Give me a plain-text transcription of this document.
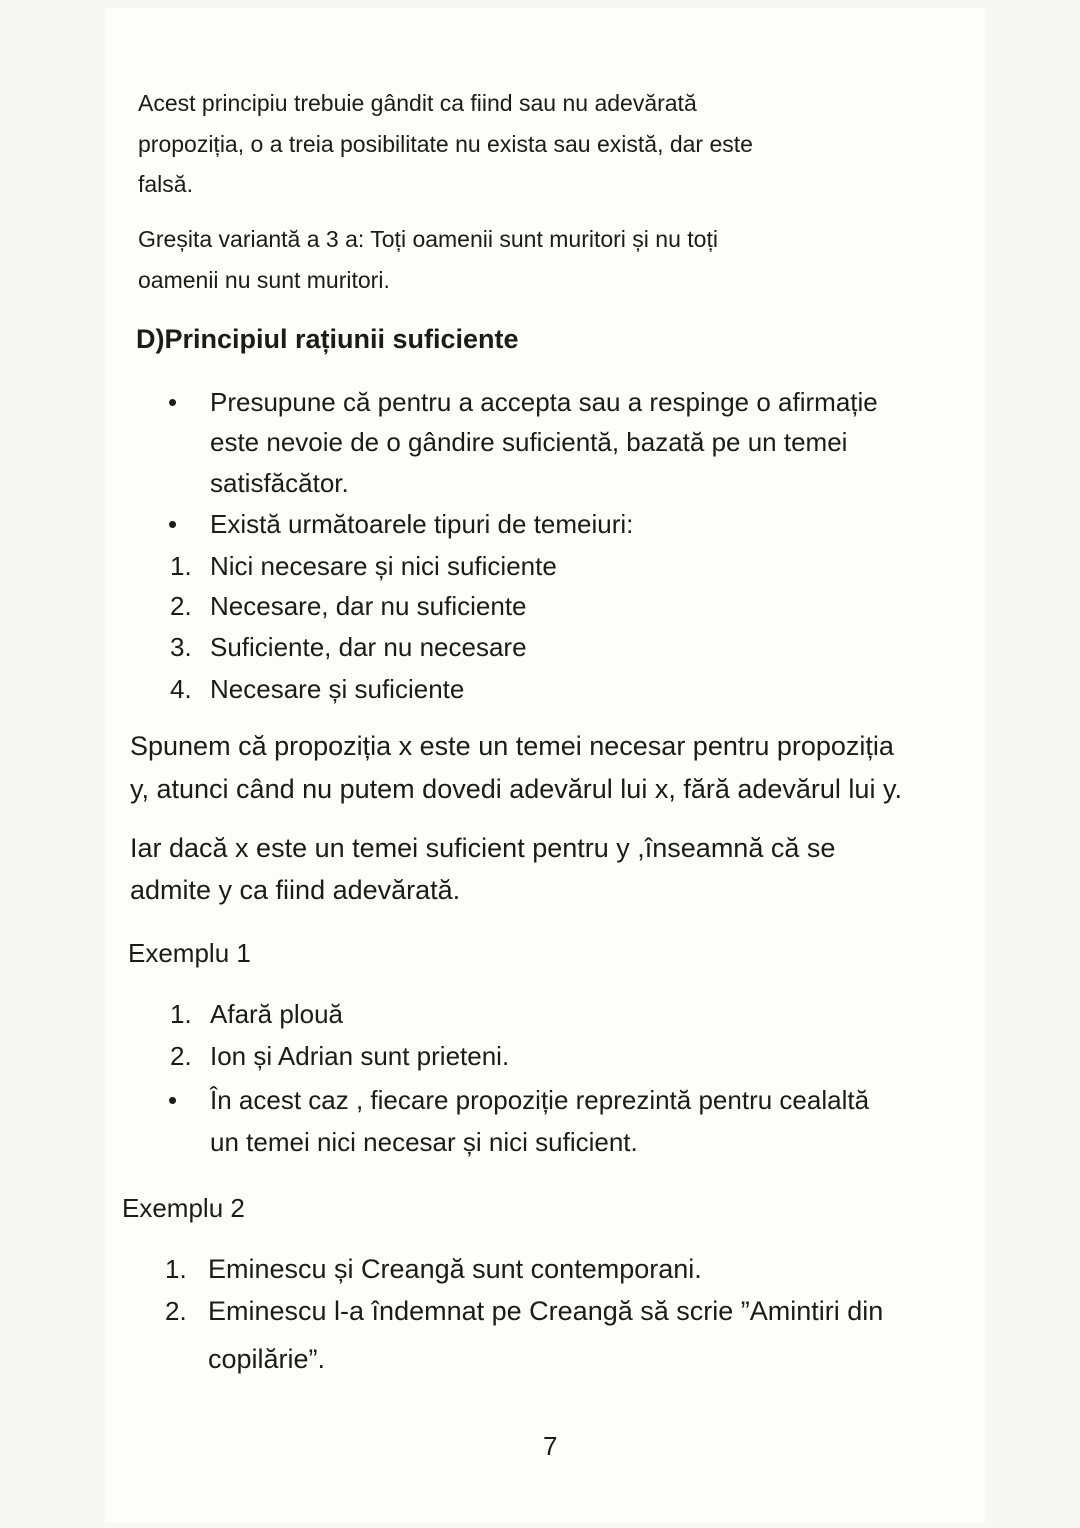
Acest principiu trebuie gândit ca fiind sau nu adevărată
propoziția, o a treia posibilitate nu exista sau există, dar este
falsă.
Greșita variantă a 3 a: Toți oamenii sunt muritori și nu toți
oamenii nu sunt muritori.
D)Principiul rațiunii suficiente
• Presupune că pentru a accepta sau a respinge o afirmație
este nevoie de o gândire suficientă, bazată pe un temei
satisfăcător.
• Există următoarele tipuri de temeiuri:
1. Nici necesare și nici suficiente
2. Necesare, dar nu suficiente
3. Suficiente, dar nu necesare
4. Necesare și suficiente
Spunem că propoziția x este un temei necesar pentru propoziția
y, atunci când nu putem dovedi adevărul lui x, fără adevărul lui y.
Iar dacă x este un temei suficient pentru y ,înseamnă că se
admite y ca fiind adevărată.
Exemplu 1
1. Afară plouă
2. Ion și Adrian sunt prieteni.
• În acest caz , fiecare propoziție reprezintă pentru cealaltă
un temei nici necesar și nici suficient.
Exemplu 2
1. Eminescu și Creangă sunt contemporani.
2. Eminescu l-a îndemnat pe Creangă să scrie ”Amintiri din
copilărie”.
7
